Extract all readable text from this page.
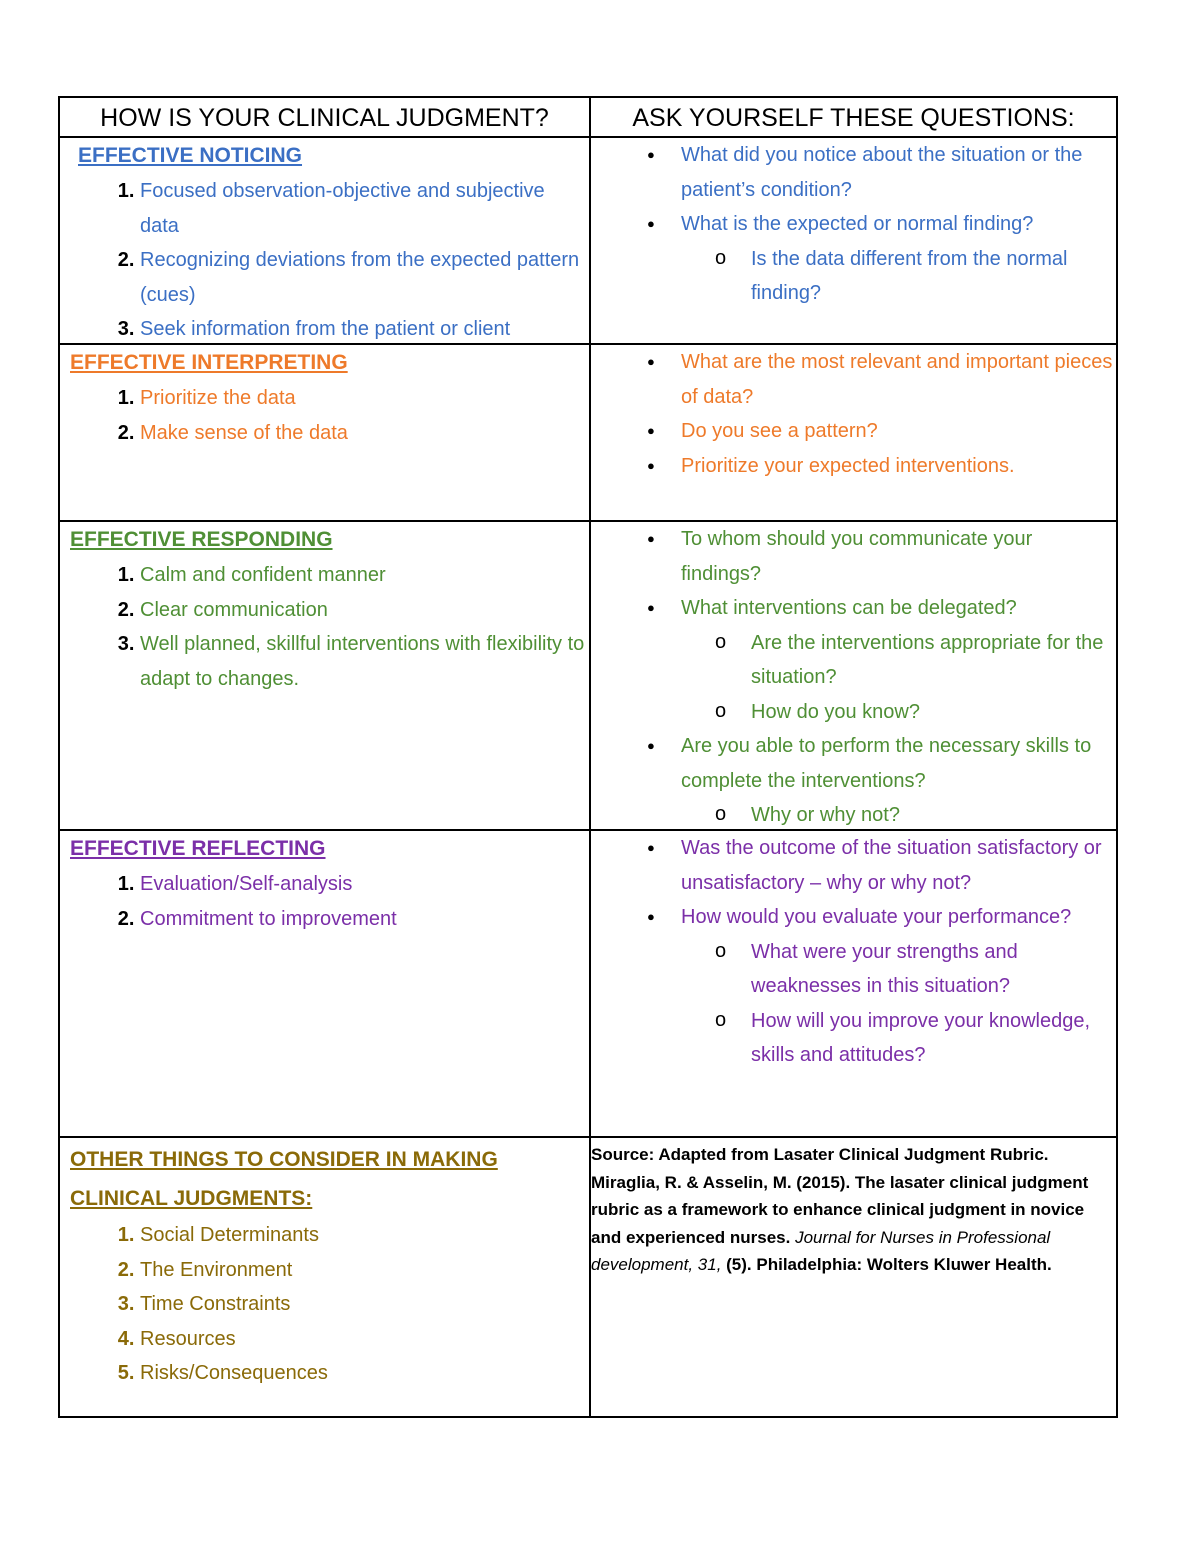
HOW IS YOUR CLINICAL JUDGMENT?	ASK YOURSELF THESE QUESTIONS:
EFFECTIVE NOTICING
1. Focused observation-objective and subjective data
2. Recognizing deviations from the expected pattern (cues)
3. Seek information from the patient or client
● What did you notice about the situation or the patient’s condition?
● What is the expected or normal finding?
o Is the data different from the normal finding?
EFFECTIVE INTERPRETING
1. Prioritize the data
2. Make sense of the data
● What are the most relevant and important pieces of data?
● Do you see a pattern?
● Prioritize your expected interventions.
EFFECTIVE RESPONDING
1. Calm and confident manner
2. Clear communication
3. Well planned, skillful interventions with flexibility to adapt to changes.
● To whom should you communicate your findings?
● What interventions can be delegated?
o Are the interventions appropriate for the situation?
o How do you know?
● Are you able to perform the necessary skills to complete the interventions?
o Why or why not?
EFFECTIVE REFLECTING
1. Evaluation/Self-analysis
2. Commitment to improvement
● Was the outcome of the situation satisfactory or unsatisfactory – why or why not?
● How would you evaluate your performance?
o What were your strengths and weaknesses in this situation?
o How will you improve your knowledge, skills and attitudes?
OTHER THINGS TO CONSIDER IN MAKING
CLINICAL JUDGMENTS:
1. Social Determinants
2. The Environment
3. Time Constraints
4. Resources
5. Risks/Consequences
Source: Adapted from Lasater Clinical Judgment Rubric. Miraglia, R. & Asselin, M. (2015). The lasater clinical judgment rubric as a framework to enhance clinical judgment in novice and experienced nurses. Journal for Nurses in Professional development, 31, (5). Philadelphia: Wolters Kluwer Health.
